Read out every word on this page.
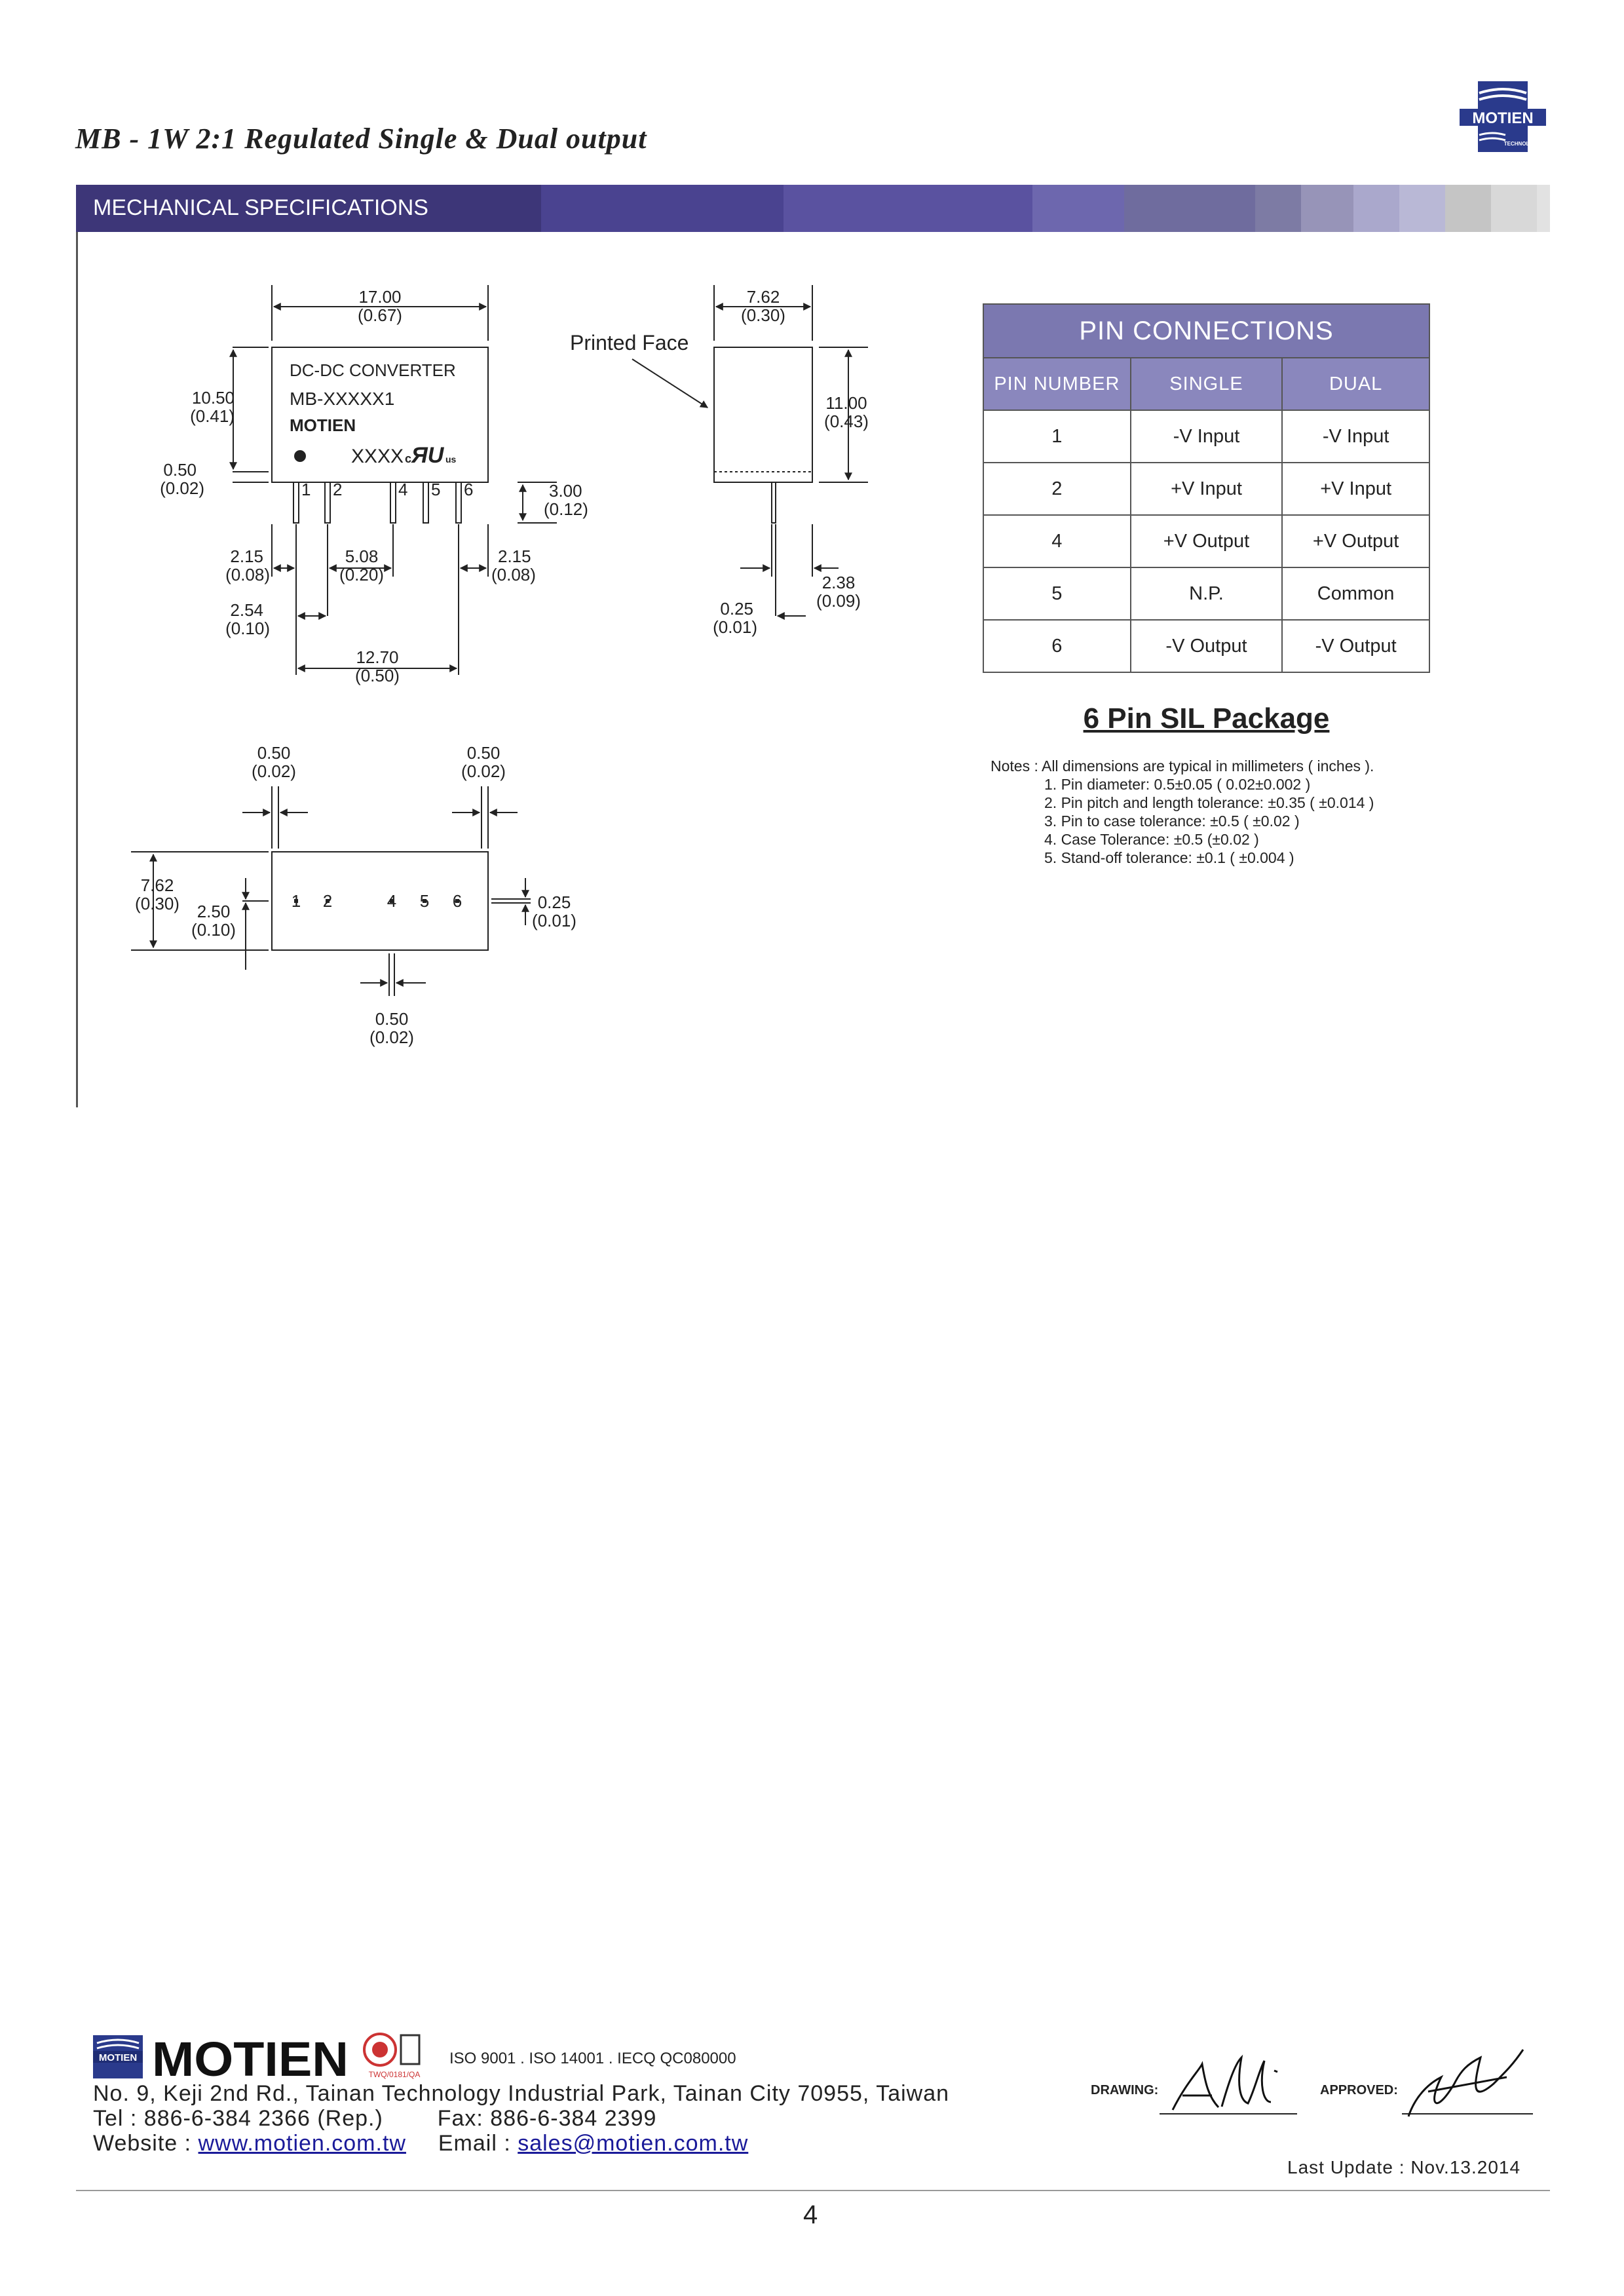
MB - 1W 2:1 Regulated Single & Dual output
MOTIEN
TECHNOLOGY
MECHANICAL SPECIFICATIONS
17.00
(0.67)
10.50
(0.41)
0.50
(0.02)
DC-DC CONVERTER
MB-XXXXX1
MOTIEN
XXXX c ЯU us
1 2	4 5 6	3.00
(0.12)
2.15
(0.08)
5.08
(0.20)
2.15
(0.08)
2.54
(0.10)
12.70
(0.50)
7.62
(0.30)
Printed Face
11.00
(0.43)
2.38
(0.09)
0.25
(0.01)
0.50
(0.02)
0.50
(0.02)
7.62
(0.30) 2.50
(0.10)
1 2	4 5 6	0.25
(0.01)
0.50
(0.02)
PIN CONNECTIONS		
PIN NUMBER	SINGLE	DUAL
1	-V Input	-V Input
2	+V Input	+V Input
4	+V Output	+V Output
5	N.P.	Common
6	-V Output	-V Output
6 Pin SIL Package
Notes : All dimensions are typical in millimeters ( inches ).
1. Pin diameter: 0.5±0.05 ( 0.02±0.002 )
2. Pin pitch and length tolerance: ±0.35 ( ±0.014 )
3. Pin to case tolerance: ±0.5 ( ±0.02 )
4. Case Tolerance: ±0.5 (±0.02 )
5. Stand-off tolerance: ±0.1 ( ±0.004 )
MOTIEN MOTIEN	TWQ/0181/QA
ISO 9001 . ISO 14001 . IECQ QC080000
No. 9, Keji 2nd Rd., Tainan Technology Industrial Park, Tainan City 70955, Taiwan
Tel : 886-6-384 2366 (Rep.) Fax: 886-6-384 2399
Website : www.motien.com.tw Email : sales@motien.com.tw
DRAWING:	APPROVED:
Last Update : Nov.13.2014
4
